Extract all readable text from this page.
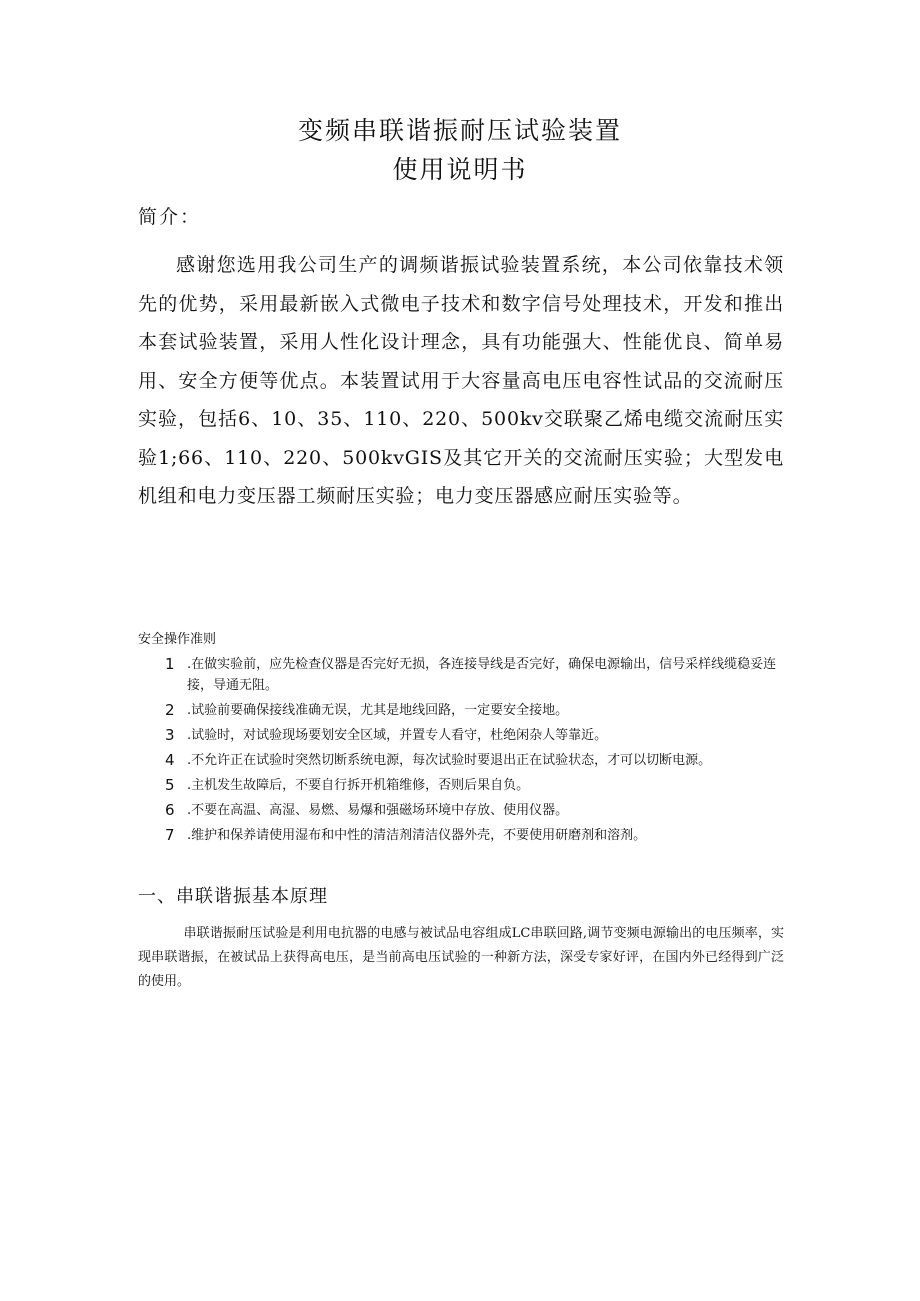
变频串联谐振耐压试验装置
使用说明书
简介：

感谢您选用我公司生产的调频谐振试验装置系统，本公司依靠技术领先的优势，采用最新嵌入式微电子技术和数字信号处理技术，开发和推出本套试验装置，采用人性化设计理念，具有功能强大、性能优良、简单易用、安全方便等优点。本装置试用于大容量高电压电容性试品的交流耐压实验，包括6、10、35、110、220、500kv交联聚乙烯电缆交流耐压实验1;66、110、220、500kvGIS及其它开关的交流耐压实验；大型发电机组和电力变压器工频耐压实验；电力变压器感应耐压实验等。

安全操作准则
1 .在做实验前，应先检查仪器是否完好无损，各连接导线是否完好，确保电源输出，信号采样线缆稳妥连接，导通无阻。
2 .试验前要确保接线准确无误，尤其是地线回路，一定要安全接地。
3 .试验时，对试验现场要划安全区域，并置专人看守，杜绝闲杂人等靠近。
4 .不允许正在试验时突然切断系统电源，每次试验时要退出正在试验状态，才可以切断电源。
5 .主机发生故障后，不要自行拆开机箱维修，否则后果自负。
6 .不要在高温、高湿、易燃、易爆和强磁场环境中存放、使用仪器。
7 .维护和保养请使用湿布和中性的清洁剂清洁仪器外壳，不要使用研磨剂和溶剂。
一、串联谐振基本原理

串联谐振耐压试验是利用电抗器的电感与被试品电容组成LC串联回路,调节变频电源输出的电压频率，实现串联谐振，在被试品上获得高电压，是当前高电压试验的一种新方法，深受专家好评，在国内外已经得到广泛的使用。
